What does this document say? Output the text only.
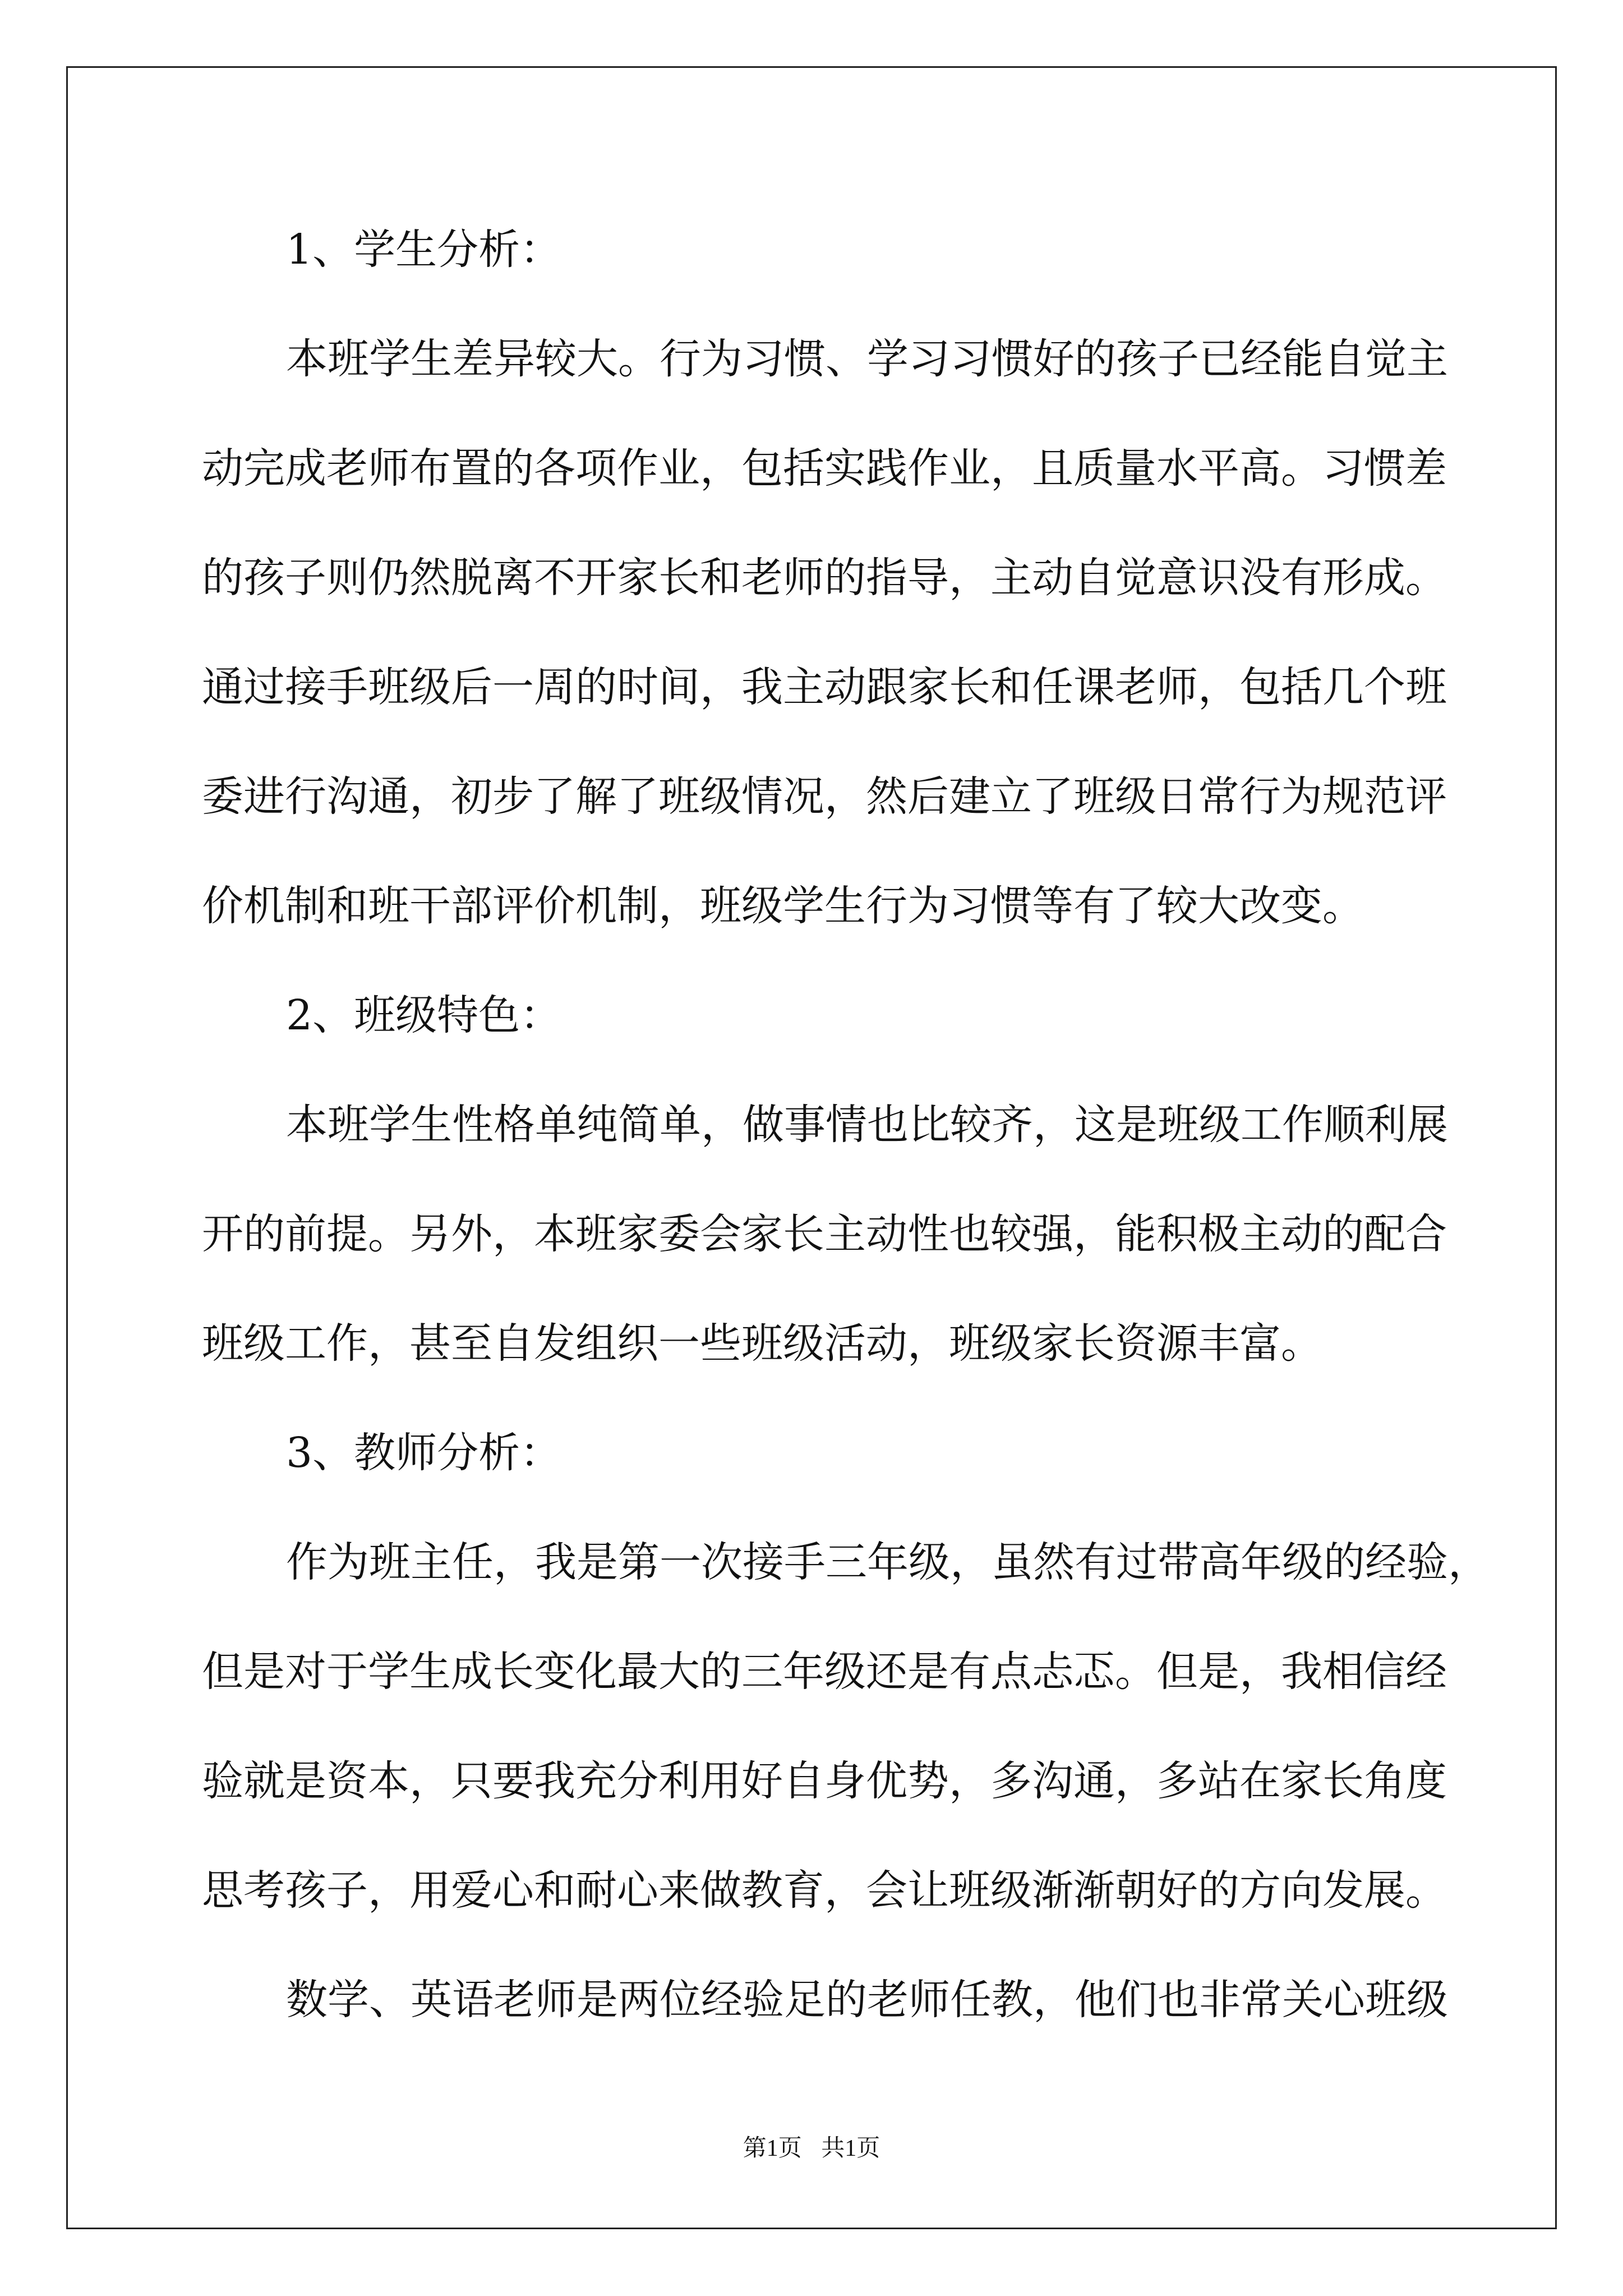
1、学生分析：
本班学生差异较大。行为习惯、学习习惯好的孩子已经能自觉主
动完成老师布置的各项作业，包括实践作业，且质量水平高。习惯差
的孩子则仍然脱离不开家长和老师的指导，主动自觉意识没有形成。
通过接手班级后一周的时间，我主动跟家长和任课老师，包括几个班
委进行沟通，初步了解了班级情况，然后建立了班级日常行为规范评
价机制和班干部评价机制，班级学生行为习惯等有了较大改变。
2、班级特色：
本班学生性格单纯简单，做事情也比较齐，这是班级工作顺利展
开的前提。另外，本班家委会家长主动性也较强，能积极主动的配合
班级工作，甚至自发组织一些班级活动，班级家长资源丰富。
3、教师分析：
作为班主任，我是第一次接手三年级，虽然有过带高年级的经验，
但是对于学生成长变化最大的三年级还是有点忐忑。但是，我相信经
验就是资本，只要我充分利用好自身优势，多沟通，多站在家长角度
思考孩子，用爱心和耐心来做教育，会让班级渐渐朝好的方向发展。
数学、英语老师是两位经验足的老师任教，他们也非常关心班级
第1页 共1页
